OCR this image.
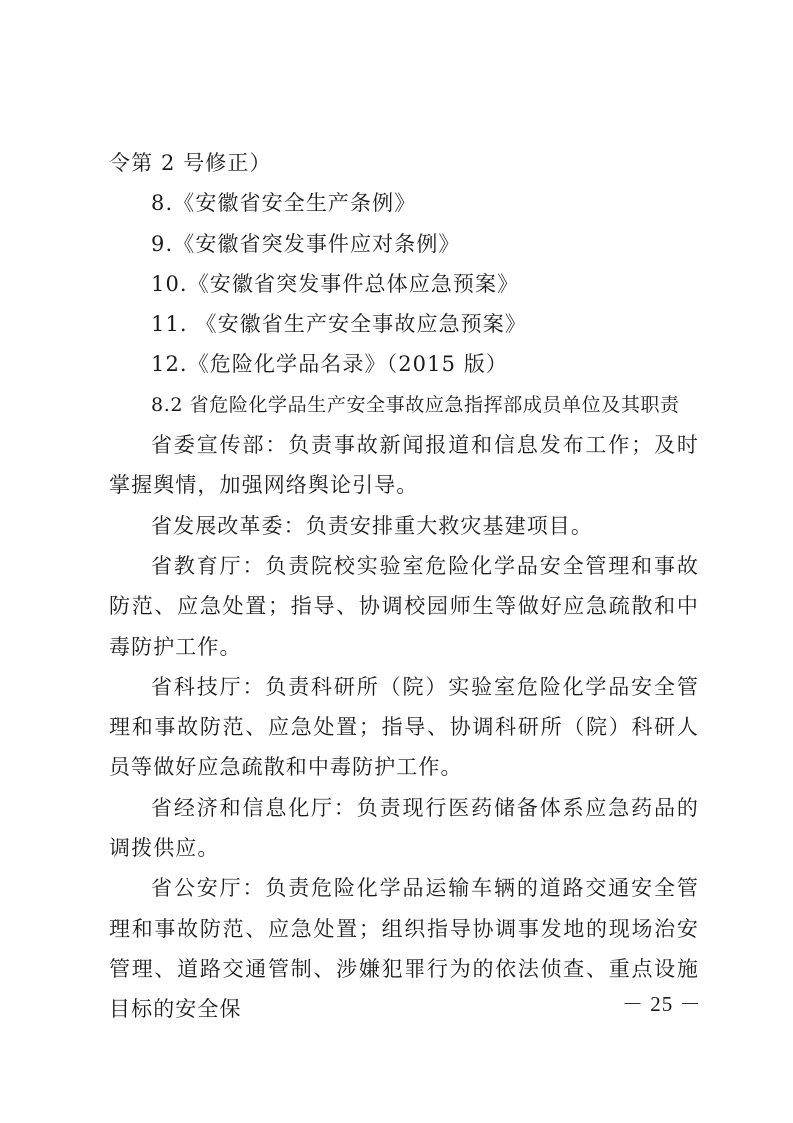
令第 2 号修正）

8.《安徽省安全生产条例》

9.《安徽省突发事件应对条例》

10.《安徽省突发事件总体应急预案》

11. 《安徽省生产安全事故应急预案》

12.《危险化学品名录》（2015 版）

8.2 省危险化学品生产安全事故应急指挥部成员单位及其职责

省委宣传部：负责事故新闻报道和信息发布工作；及时掌握舆情，加强网络舆论引导。

省发展改革委：负责安排重大救灾基建项目。

省教育厅：负责院校实验室危险化学品安全管理和事故防范、应急处置；指导、协调校园师生等做好应急疏散和中毒防护工作。

省科技厅：负责科研所（院）实验室危险化学品安全管理和事故防范、应急处置；指导、协调科研所（院）科研人员等做好应急疏散和中毒防护工作。

省经济和信息化厅：负责现行医药储备体系应急药品的调拨供应。

省公安厅：负责危险化学品运输车辆的道路交通安全管理和事故防范、应急处置；组织指导协调事发地的现场治安管理、道路交通管制、涉嫌犯罪行为的依法侦查、重点设施目标的安全保	－ 25 －
